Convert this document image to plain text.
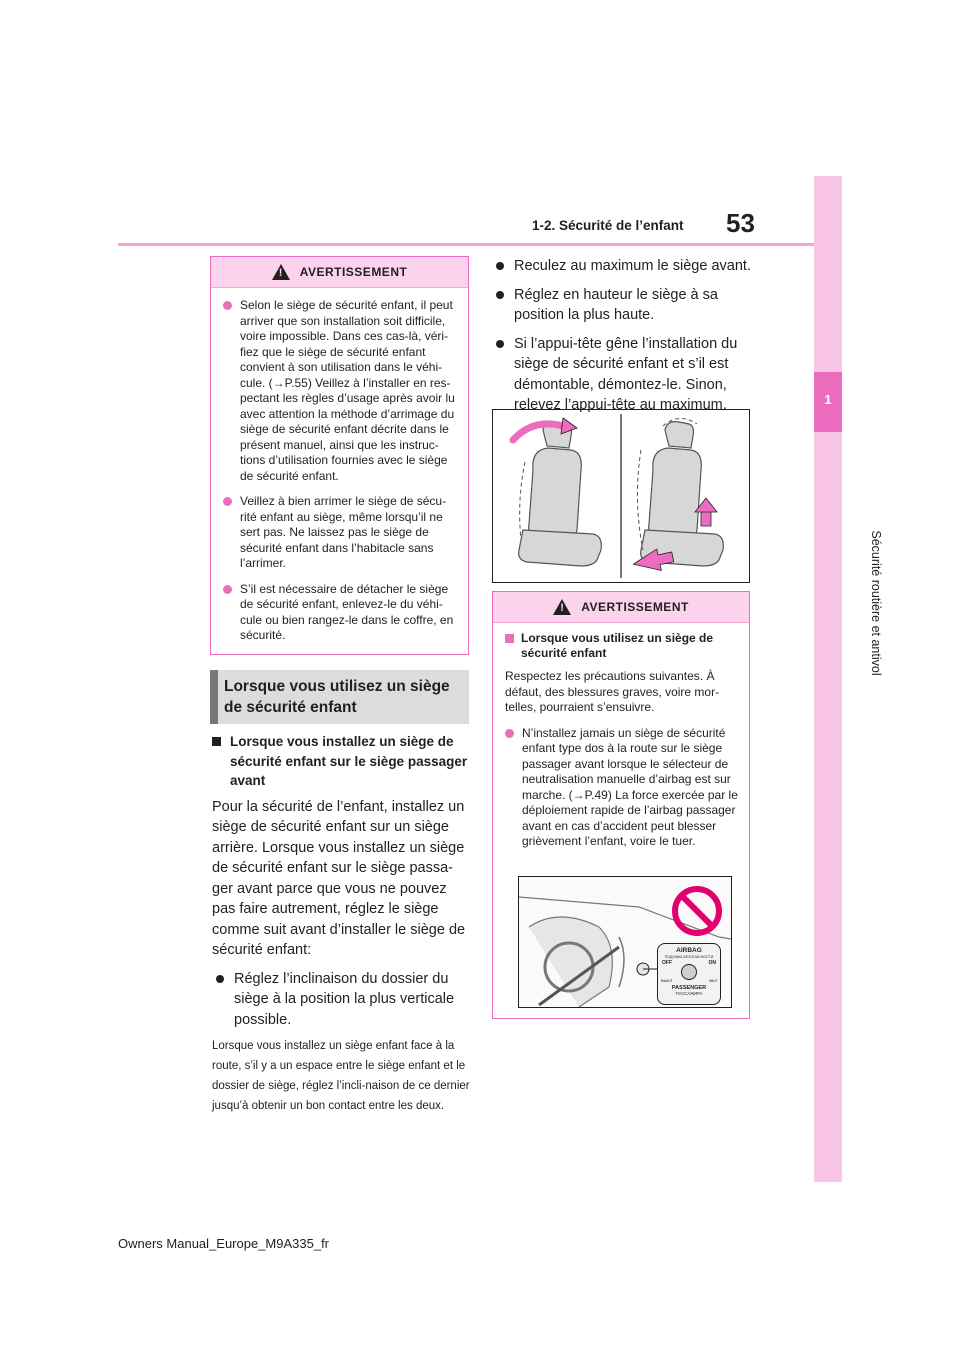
1-2. Sécurité de l’enfant 53
1
Sécurité routière et antivol
! AVERTISSEMENT
Selon le siège de sécurité enfant, il peut arriver que son installation soit difficile, voire impossible. Dans ces cas-là, véri-fiez que le siège de sécurité enfant convient à son utilisation dans le véhi-cule. (→P.55) Veillez à l’installer en res-pectant les règles d’usage après avoir lu avec attention la méthode d’arrimage du siège de sécurité enfant décrite dans le présent manuel, ainsi que les instruc-tions d’utilisation fournies avec le siège de sécurité enfant.
Veillez à bien arrimer le siège de sécu-rité enfant au siège, même lorsqu’il ne sert pas. Ne laissez pas le siège de sécurité enfant dans l’habitacle sans l’arrimer.
S’il est nécessaire de détacher le siège de sécurité enfant, enlevez-le du véhi-cule ou bien rangez-le dans le coffre, en sécurité.
Lorsque vous utilisez un siège de sécurité enfant
Lorsque vous installez un siège de sécurité enfant sur le siège passager avant
Pour la sécurité de l’enfant, installez un siège de sécurité enfant sur un siège arrière. Lorsque vous installez un siège de sécurité enfant sur le siège passa-ger avant parce que vous ne pouvez pas faire autrement, réglez le siège comme suit avant d’installer le siège de sécurité enfant:
Réglez l’inclinaison du dossier du siège à la position la plus verticale possible.
Lorsque vous installez un siège enfant face à la route, s’il y a un espace entre le siège enfant et le dossier de siège, réglez l’incli-naison de ce dernier jusqu’à obtenir un bon contact entre les deux.
Reculez au maximum le siège avant.
Réglez en hauteur le siège à sa position la plus haute.
Si l’appui-tête gêne l’installation du siège de sécurité enfant et s’il est démontable, démontez-le. Sinon, relevez l’appui-tête au maximum.
! AVERTISSEMENT
Lorsque vous utilisez un siège de sécurité enfant
Respectez les précautions suivantes. À défaut, des blessures graves, voire mor-telles, pourraient s’ensuivre.
N’installez jamais un siège de sécurité enfant type dos à la route sur le siège passager avant lorsque le sélecteur de neutralisation manuelle d’airbag est sur marche. (→P.49) La force exercée par le déploiement rapide de l’airbag passager avant en cas d’accident peut blesser grièvement l’enfant, voire le tuer.
AIRBAG
ПОДУШКА БЕЗОПАСНОСТИ
OFF	ON
ВЫКЛ	ВКЛ
PASSENGER
ПАССАЖИРА
Owners Manual_Europe_M9A335_fr
